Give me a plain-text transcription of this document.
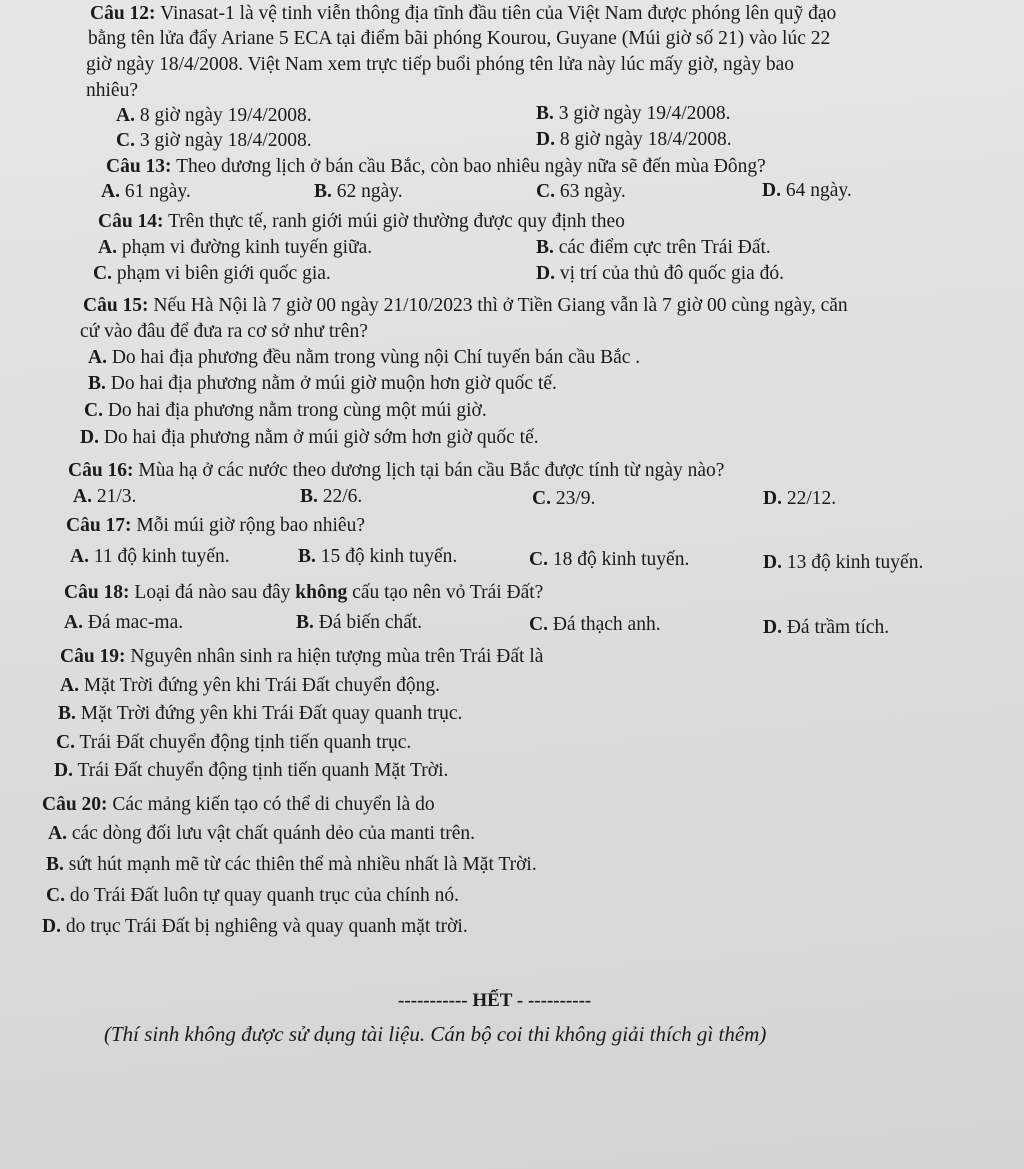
Câu 12: Vinasat-1 là vệ tinh viễn thông địa tĩnh đầu tiên của Việt Nam được phóng lên quỹ đạo
bằng tên lửa đẩy Ariane 5 ECA tại điểm bãi phóng Kourou, Guyane (Múi giờ số 21) vào lúc 22
giờ ngày 18/4/2008. Việt Nam xem trực tiếp buổi phóng tên lửa này lúc mấy giờ, ngày bao
nhiêu?
A. 8 giờ ngày 19/4/2008.	B. 3 giờ ngày 19/4/2008.
C. 3 giờ ngày 18/4/2008.	D. 8 giờ ngày 18/4/2008.
Câu 13: Theo dương lịch ở bán cầu Bắc, còn bao nhiêu ngày nữa sẽ đến mùa Đông?
A. 61 ngày.	B. 62 ngày.	C. 63 ngày.	D. 64 ngày.
Câu 14: Trên thực tế, ranh giới múi giờ thường được quy định theo
A. phạm vi đường kinh tuyến giữa.	B. các điểm cực trên Trái Đất.
C. phạm vi biên giới quốc gia.	D. vị trí của thủ đô quốc gia đó.
Câu 15: Nếu Hà Nội là 7 giờ 00 ngày 21/10/2023 thì ở Tiền Giang vẫn là 7 giờ 00 cùng ngày, căn
cứ vào đâu để đưa ra cơ sở như trên?
A. Do hai địa phương đều nằm trong vùng nội Chí tuyến bán cầu Bắc .
B. Do hai địa phương nằm ở múi giờ muộn hơn giờ quốc tế.
C. Do hai địa phương nằm trong cùng một múi giờ.
D. Do hai địa phương nằm ở múi giờ sớm hơn giờ quốc tế.
Câu 16: Mùa hạ ở các nước theo dương lịch tại bán cầu Bắc được tính từ ngày nào?
A. 21/3.	B. 22/6.	C. 23/9.	D. 22/12.
Câu 17: Mỗi múi giờ rộng bao nhiêu?
A. 11 độ kinh tuyến.	B. 15 độ kinh tuyến.	C. 18 độ kinh tuyến.	D. 13 độ kinh tuyến.
Câu 18: Loại đá nào sau đây không cấu tạo nên vỏ Trái Đất?
A. Đá mac-ma.	B. Đá biến chất.	C. Đá thạch anh.	D. Đá trầm tích.
Câu 19: Nguyên nhân sinh ra hiện tượng mùa trên Trái Đất là
A. Mặt Trời đứng yên khi Trái Đất chuyển động.
B. Mặt Trời đứng yên khi Trái Đất quay quanh trục.
C. Trái Đất chuyển động tịnh tiến quanh trục.
D. Trái Đất chuyển động tịnh tiến quanh Mặt Trời.
Câu 20: Các mảng kiến tạo có thể di chuyển là do
A. các dòng đối lưu vật chất quánh dẻo của manti trên.
B. sứt hút mạnh mẽ từ các thiên thể mà nhiều nhất là Mặt Trời.
C. do Trái Đất luôn tự quay quanh trục của chính nó.
D. do trục Trái Đất bị nghiêng và quay quanh mặt trời.
----------- HẾT - ----------
(Thí sinh không được sử dụng tài liệu. Cán bộ coi thi không giải thích gì thêm)
